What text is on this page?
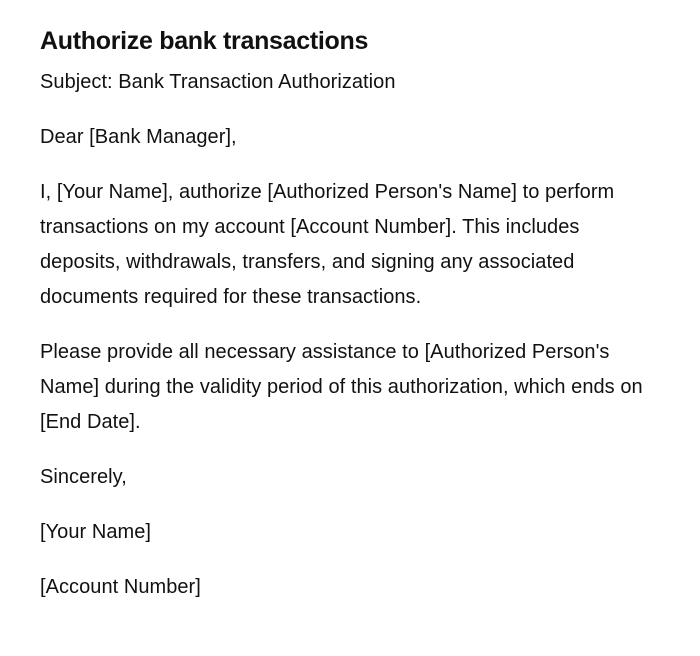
Authorize bank transactions

Subject: Bank Transaction Authorization

Dear [Bank Manager],

I, [Your Name], authorize [Authorized Person's Name] to perform transactions on my account [Account Number]. This includes deposits, withdrawals, transfers, and signing any associated documents required for these transactions.

Please provide all necessary assistance to [Authorized Person's Name] during the validity period of this authorization, which ends on [End Date].

Sincerely,

[Your Name]

[Account Number]
